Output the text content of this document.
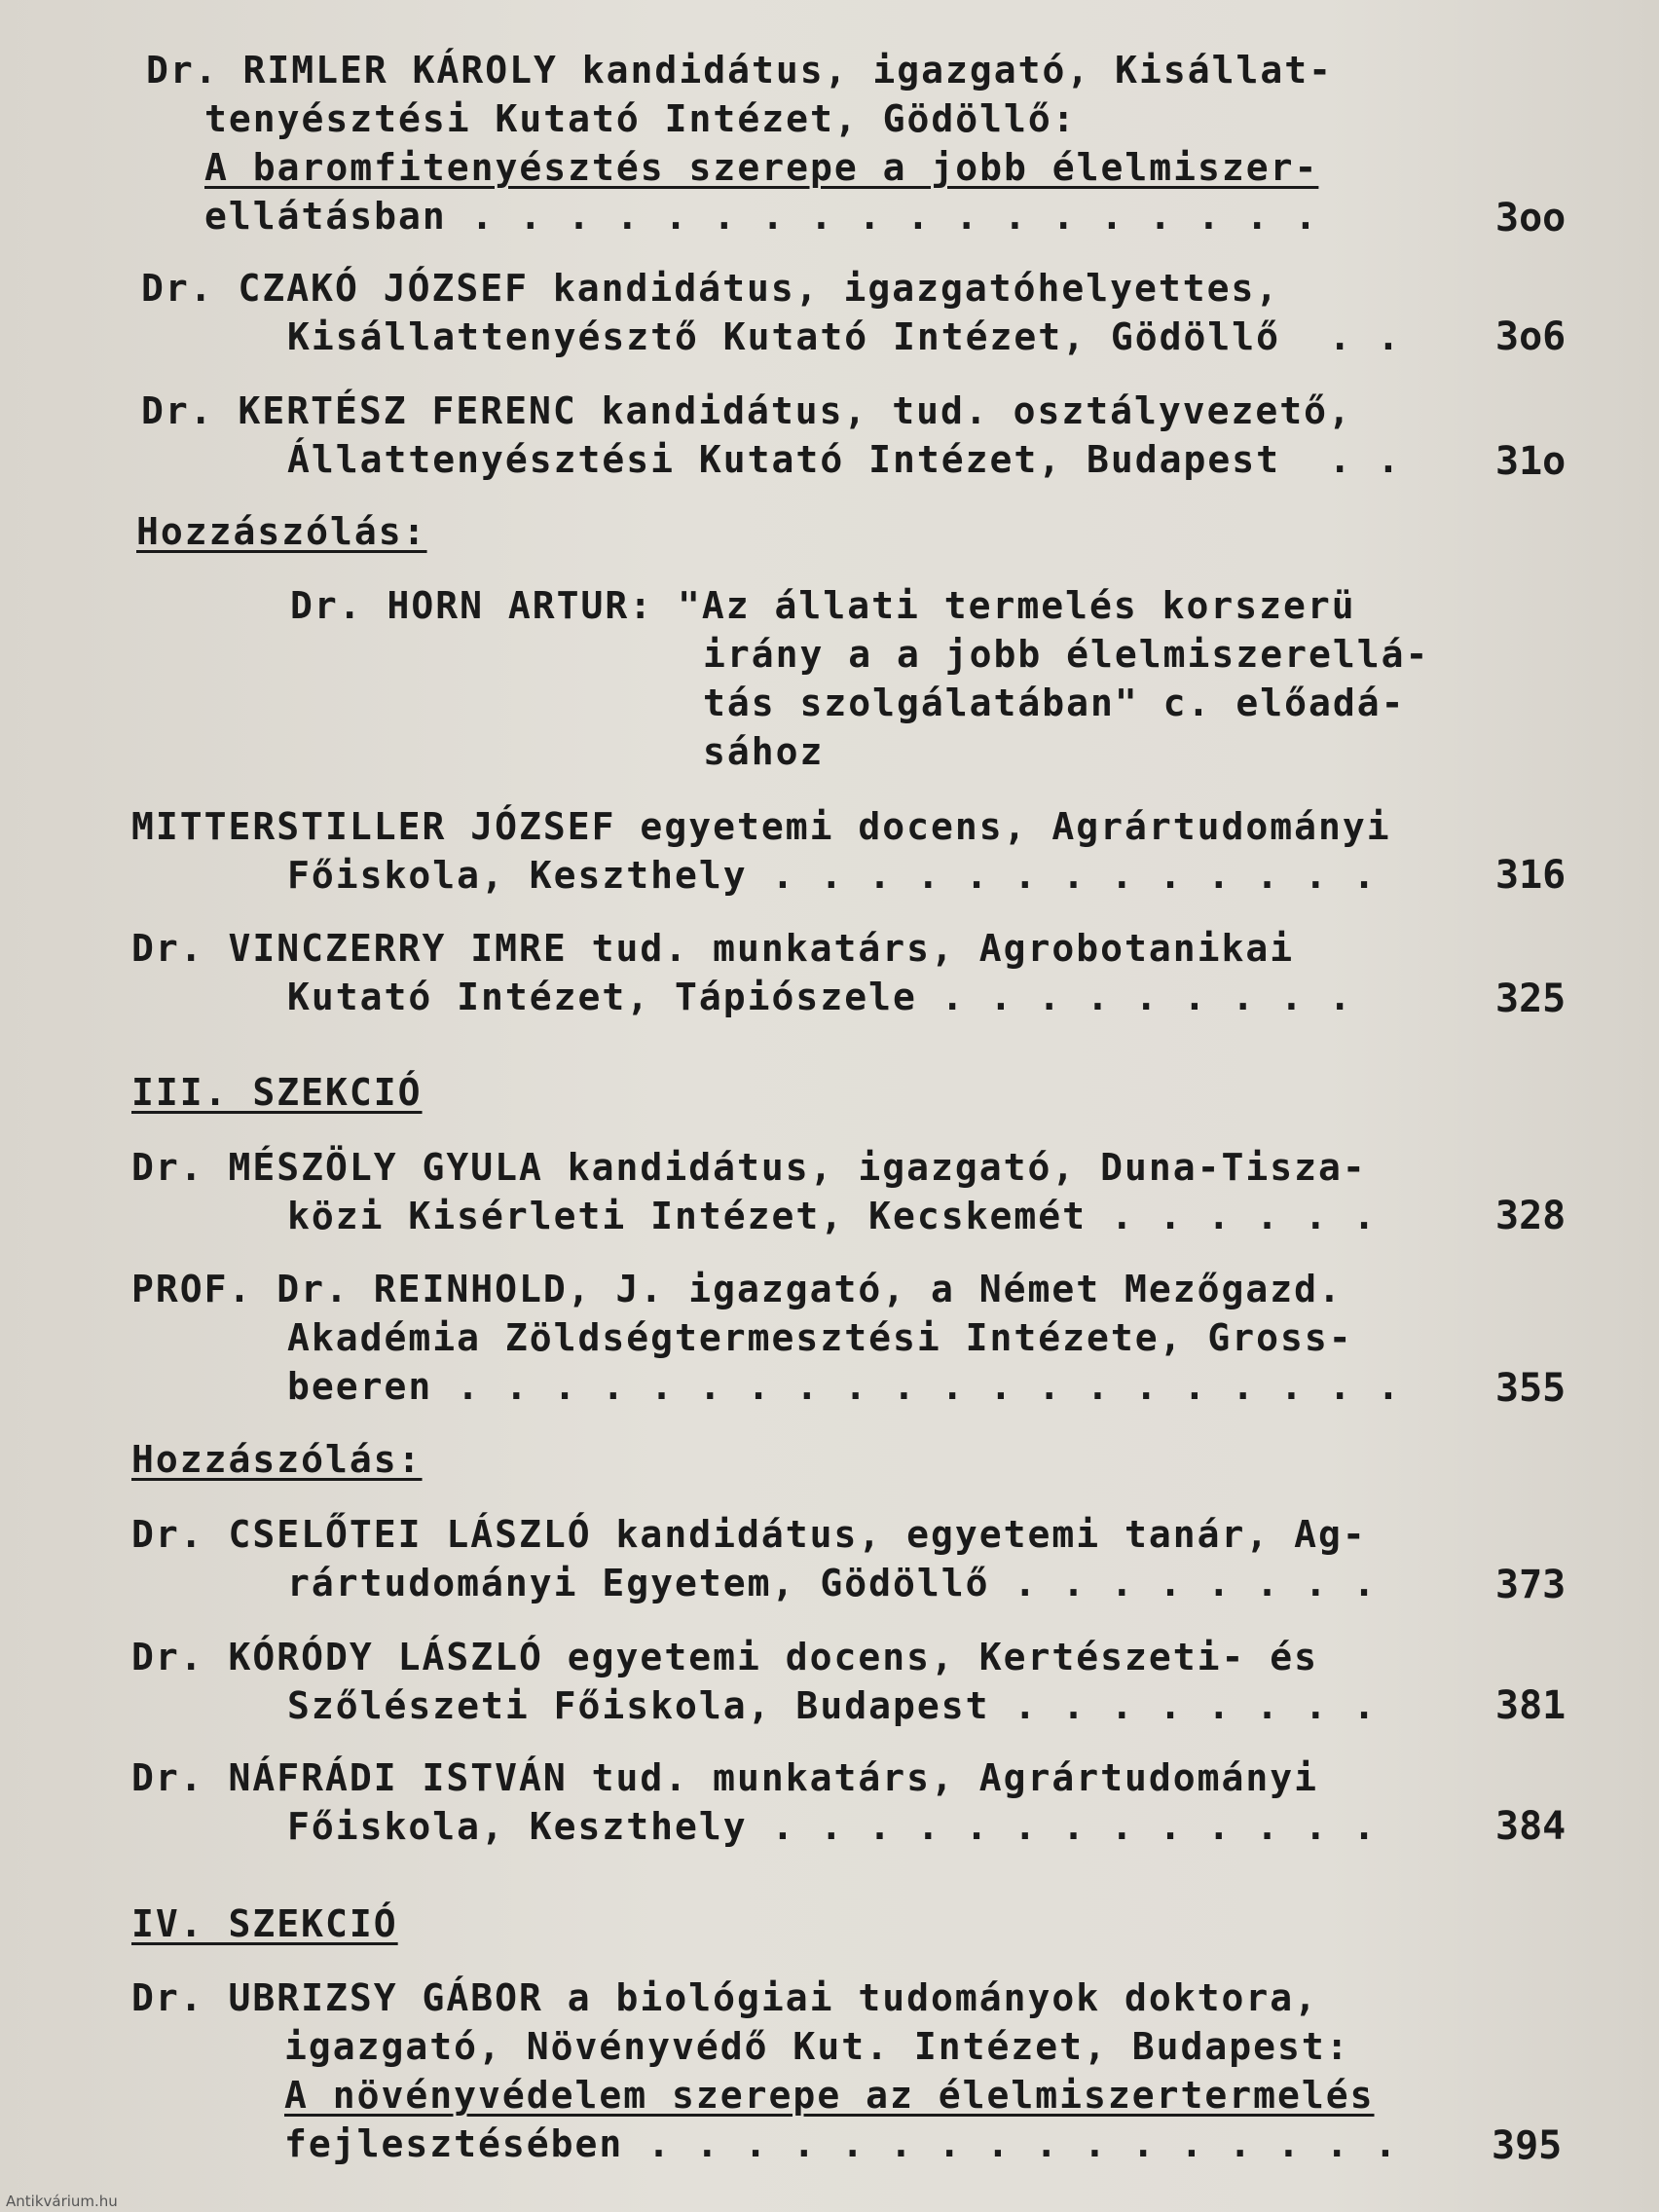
Dr. RIMLER KÁROLY kandidátus, igazgató, Kisállat-
tenyésztési Kutató Intézet, Gödöllő:
A baromfitenyésztés szerepe a jobb élelmiszer-
ellátásban . . . . . . . . . . . . . . . . . .	3oo
Dr. CZAKÓ JÓZSEF kandidátus, igazgatóhelyettes,
Kisállattenyésztő Kutató Intézet, Gödöllő  . . 3o6
Dr. KERTÉSZ FERENC kandidátus, tud. osztályvezető,
Állattenyésztési Kutató Intézet, Budapest  . . 31o
Hozzászólás:
Dr. HORN ARTUR: "Az állati termelés korszerü
irány a a jobb élelmiszerellá-
tás szolgálatában" c. előadá-
sához
MITTERSTILLER JÓZSEF egyetemi docens, Agrártudományi
Főiskola, Keszthely . . . . . . . . . . . . .	316
Dr. VINCZERRY IMRE tud. munkatárs, Agrobotanikai
Kutató Intézet, Tápiószele . . . . . . . . .	325
III. SZEKCIÓ
Dr. MÉSZÖLY GYULA kandidátus, igazgató, Duna-Tisza-
közi Kisérleti Intézet, Kecskemét . . . . . .	328
PROF. Dr. REINHOLD, J. igazgató, a Német Mezőgazd.
Akadémia Zöldségtermesztési Intézete, Gross-
beeren . . . . . . . . . . . . . . . . . . . . 355
Hozzászólás:
Dr. CSELŐTEI LÁSZLÓ kandidátus, egyetemi tanár, Ag-
rártudományi Egyetem, Gödöllő . . . . . . . .	373
Dr. KÓRÓDY LÁSZLÓ egyetemi docens, Kertészeti- és
Szőlészeti Főiskola, Budapest . . . . . . . .	381
Dr. NÁFRÁDI ISTVÁN tud. munkatárs, Agrártudományi
Főiskola, Keszthely . . . . . . . . . . . . .	384
IV. SZEKCIÓ
Dr. UBRIZSY GÁBOR a biológiai tudományok doktora,
igazgató, Növényvédő Kut. Intézet, Budapest:
A növényvédelem szerepe az élelmiszertermelés
fejlesztésében . . . . . . . . . . . . . . . . 395
Antikvárium.hu
